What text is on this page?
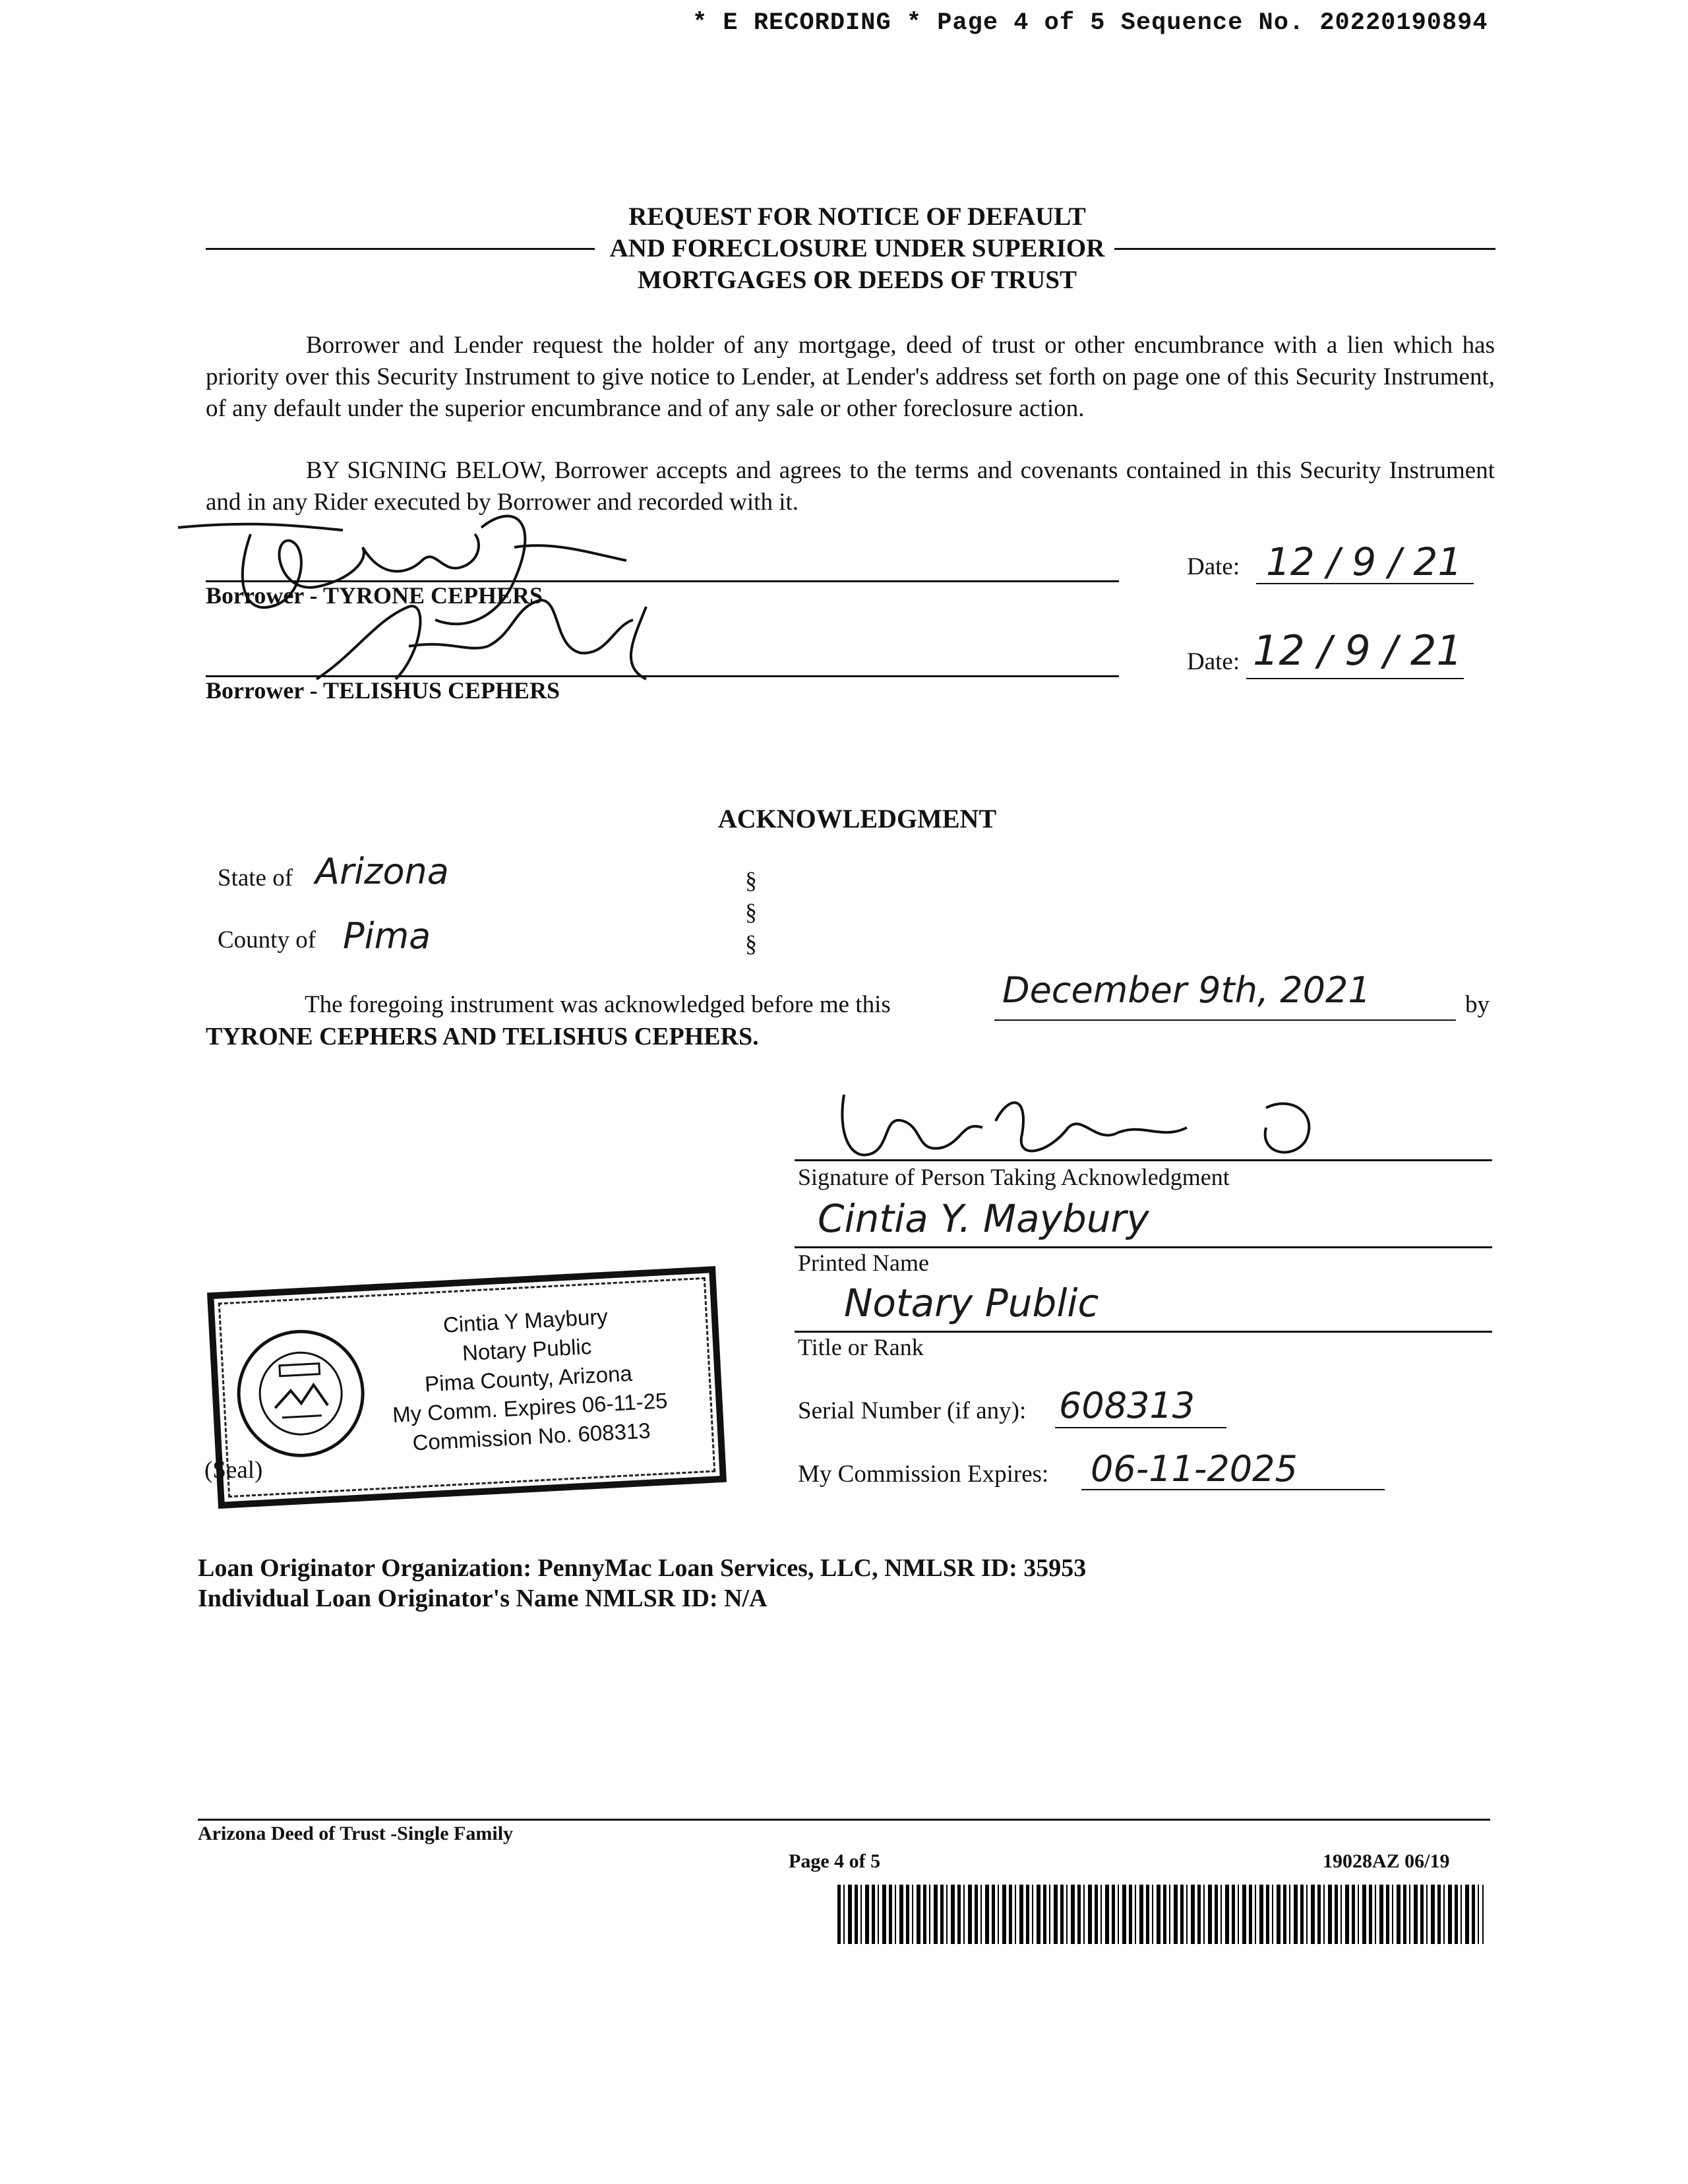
* E RECORDING * Page 4 of 5 Sequence No. 20220190894
REQUEST FOR NOTICE OF DEFAULT
AND FORECLOSURE UNDER SUPERIOR
MORTGAGES OR DEEDS OF TRUST
Borrower and Lender request the holder of any mortgage, deed of trust or other encumbrance with a lien which has priority over this Security Instrument to give notice to Lender, at Lender's address set forth on page one of this Security Instrument, of any default under the superior encumbrance and of any sale or other foreclosure action.
BY SIGNING BELOW, Borrower accepts and agrees to the terms and covenants contained in this Security Instrument and in any Rider executed by Borrower and recorded with it.
Borrower - TYRONE CEPHERS
Date: 12 / 9 / 21
Borrower - TELISHUS CEPHERS
Date: 12 / 9 / 21
ACKNOWLEDGMENT
State of Arizona	§
§
§
County of Pima
The foregoing instrument was acknowledged before me this	December 9th, 2021	by
TYRONE CEPHERS AND TELISHUS CEPHERS.
Signature of Person Taking Acknowledgment
Cintia Y. Maybury
Printed Name
Notary Public
Title or Rank
Serial Number (if any): 608313
My Commission Expires: 06-11-2025
Cintia Y Maybury
Notary Public
Pima County, Arizona
My Comm. Expires 06-11-25
Commission No. 608313
(Seal)
Loan Originator Organization: PennyMac Loan Services, LLC, NMLSR ID: 35953
Individual Loan Originator's Name NMLSR ID: N/A
Arizona Deed of Trust -Single Family
Page 4 of 5	19028AZ 06/19
